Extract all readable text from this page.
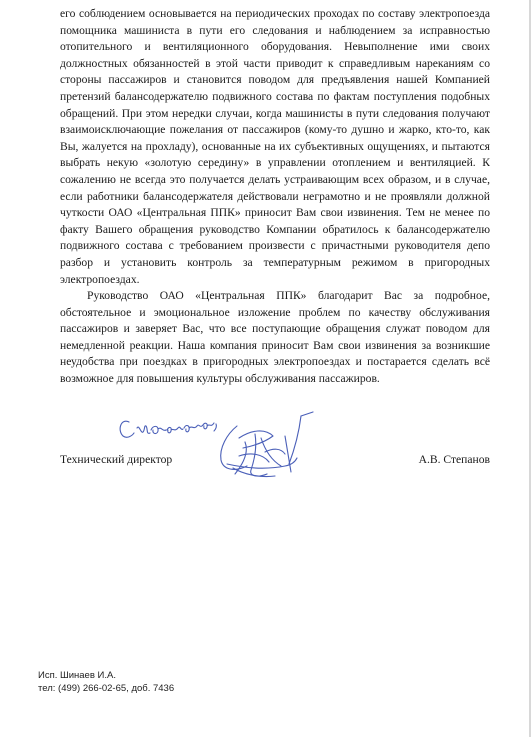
его соблюдением основывается на периодических проходах по составу электропоезда помощника машиниста в пути его следования и наблюдением за исправностью отопительного и вентиляционного оборудования. Невыполнение ими своих должностных обязанностей в этой части приводит к справедливым нареканиям со стороны пассажиров и становится поводом для предъявления нашей Компанией претензий балансодержателю подвижного состава по фактам поступления подобных обращений. При этом нередки случаи, когда машинисты в пути следования получают взаимоисключающие пожелания от пассажиров (кому-то душно и жарко, кто-то, как Вы, жалуется на прохладу), основанные на их субъективных ощущениях, и пытаются выбрать некую «золотую середину» в управлении отоплением и вентиляцией. К сожалению не всегда это получается делать устраивающим всех образом, и в случае, если работники балансодержателя действовали неграмотно и не проявляли должной чуткости ОАО «Центральная ППК» приносит Вам свои извинения. Тем не менее по факту Вашего обращения руководство Компании обратилось к балансодержателю подвижного состава с требованием произвести с причастными руководителя депо разбор и установить контроль за температурным режимом в пригородных электропоездах.

Руководство ОАО «Центральная ППК» благодарит Вас за подробное, обстоятельное и эмоциональное изложение проблем по качеству обслуживания пассажиров и заверяет Вас, что все поступающие обращения служат поводом для немедленной реакции. Наша компания приносит Вам свои извинения за возникшие неудобства при поездках в пригородных электропоездах и постарается сделать всё возможное для повышения культуры обслуживания пассажиров.

Технический директор	А.В. Степанов
Исп. Шинаев И.А.
тел: (499) 266-02-65, доб. 7436
